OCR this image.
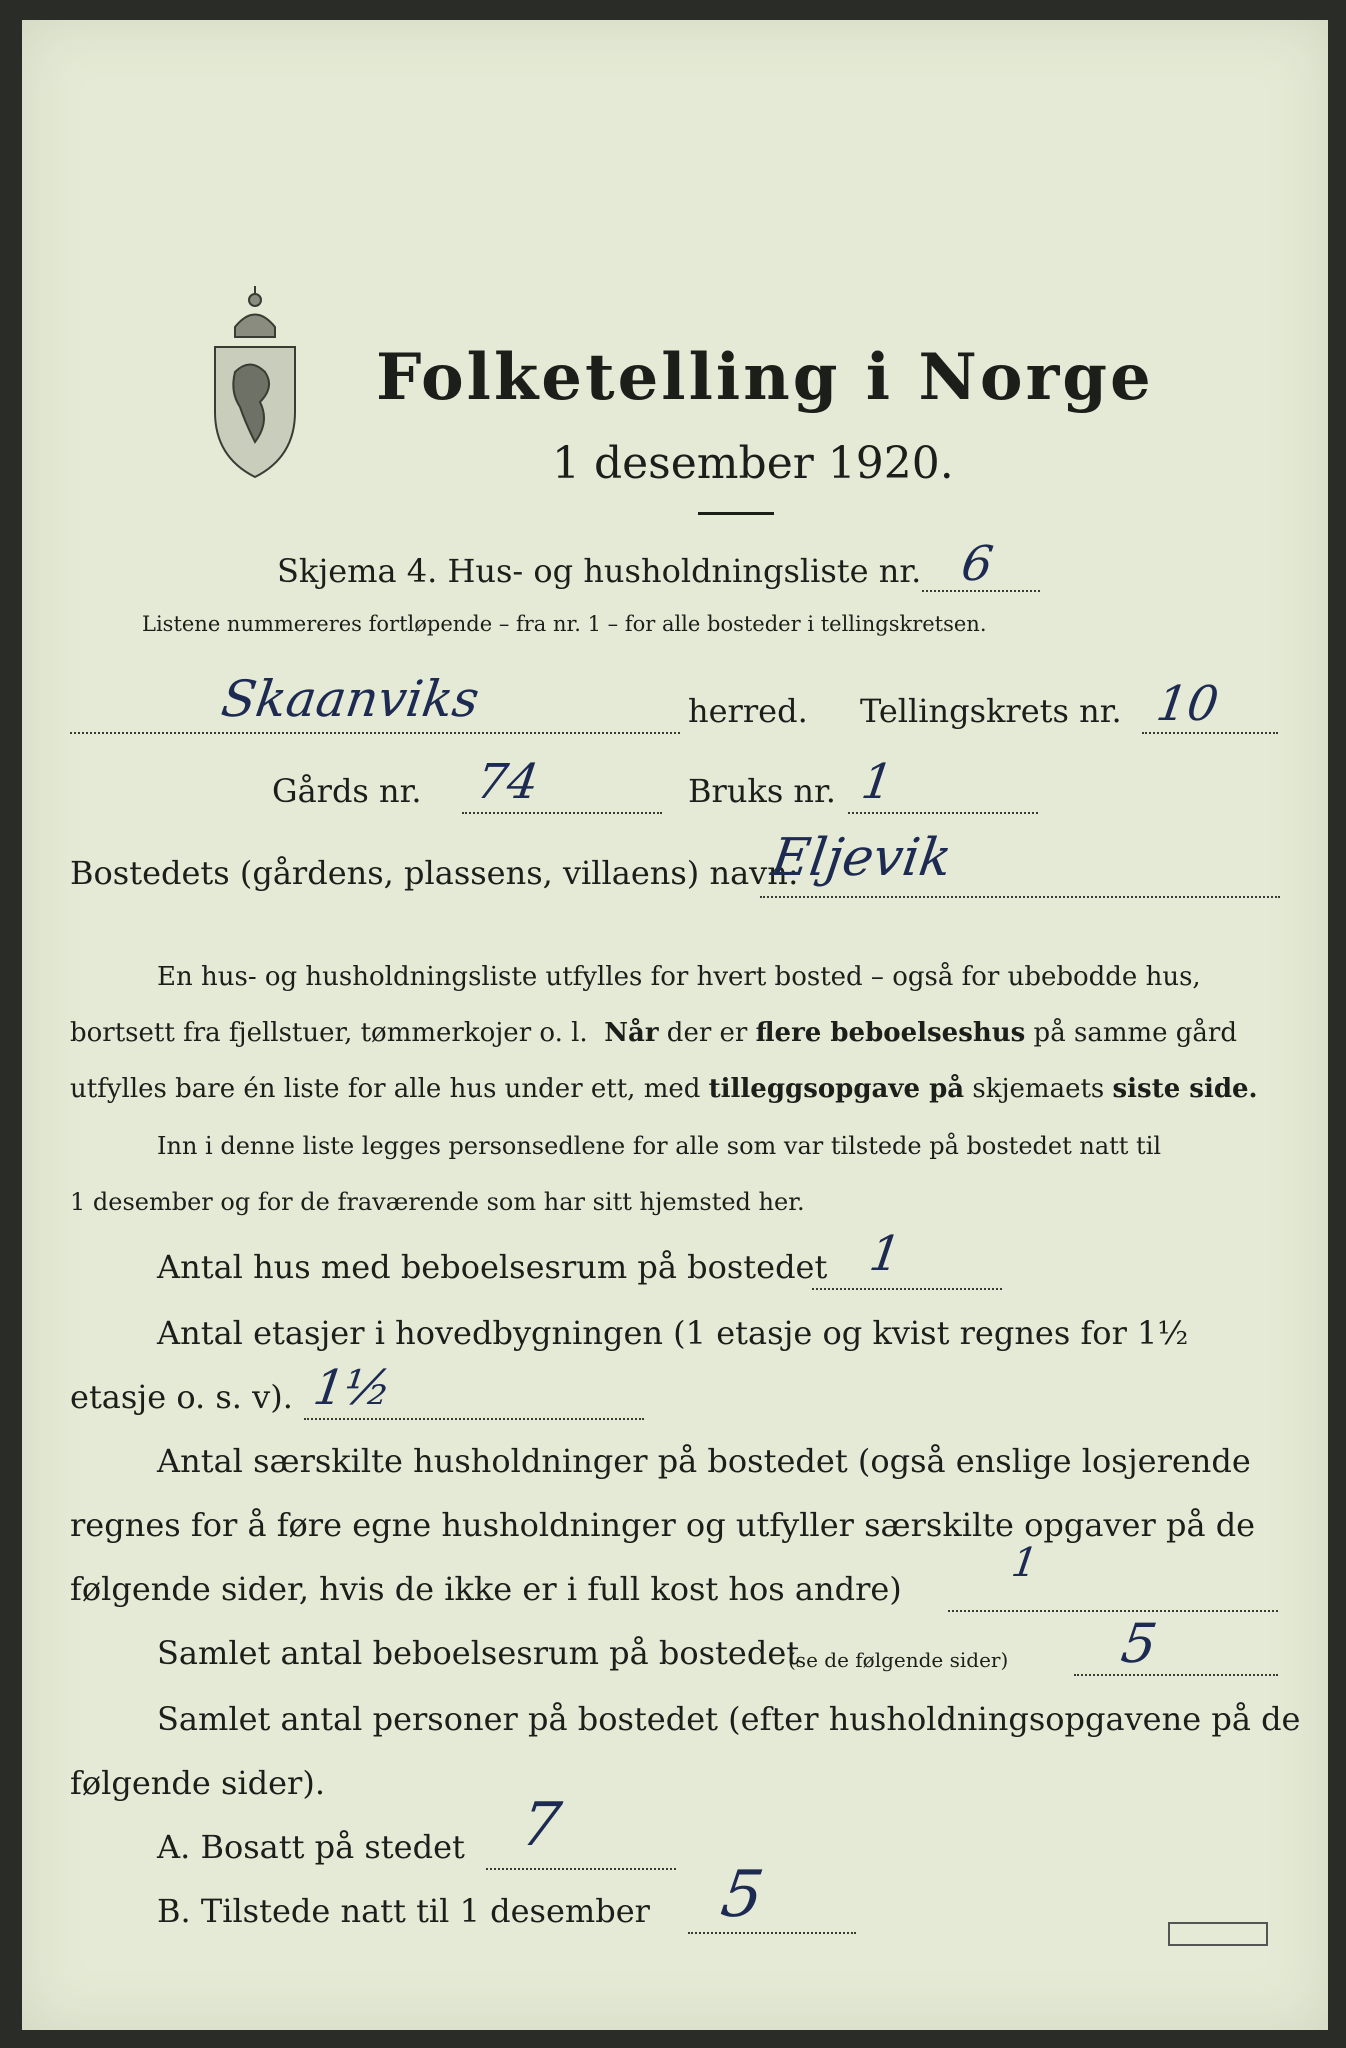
Folketelling i Norge
1 desember 1920.
Skjema 4. Hus- og husholdningsliste nr. 6
Listene nummereres fortløpende – fra nr. 1 – for alle bosteder i tellingskretsen.
Skaanviks	herred. Tellingskrets nr. 10
Gårds nr. 74	Bruks nr. 1
Bostedets (gårdens, plassens, villaens) navn:
Eljevik
En hus- og husholdningsliste utfylles for hvert bosted – også for ubebodde hus,
bortsett fra fjellstuer, tømmerkojer o. l. Når der er flere beboelseshus på samme gård
utfylles bare én liste for alle hus under ett, med tilleggsopgave på skjemaets siste side.
Inn i denne liste legges personsedlene for alle som var tilstede på bostedet natt til
1 desember og for de fraværende som har sitt hjemsted her.
Antal hus med beboelsesrum på bostedet 1
Antal etasjer i hovedbygningen (1 etasje og kvist regnes for 1½
etasje o. s. v). 1½
Antal særskilte husholdninger på bostedet (også enslige losjerende
regnes for å føre egne husholdninger og utfyller særskilte opgaver på de
følgende sider, hvis de ikke er i full kost hos andre)
1
Samlet antal beboelsesrum på bostedet
(se de følgende sider) 5
Samlet antal personer på bostedet (efter husholdningsopgavene på de
følgende sider).
A. Bosatt på stedet 7
B. Tilstede natt til 1 desember 5
